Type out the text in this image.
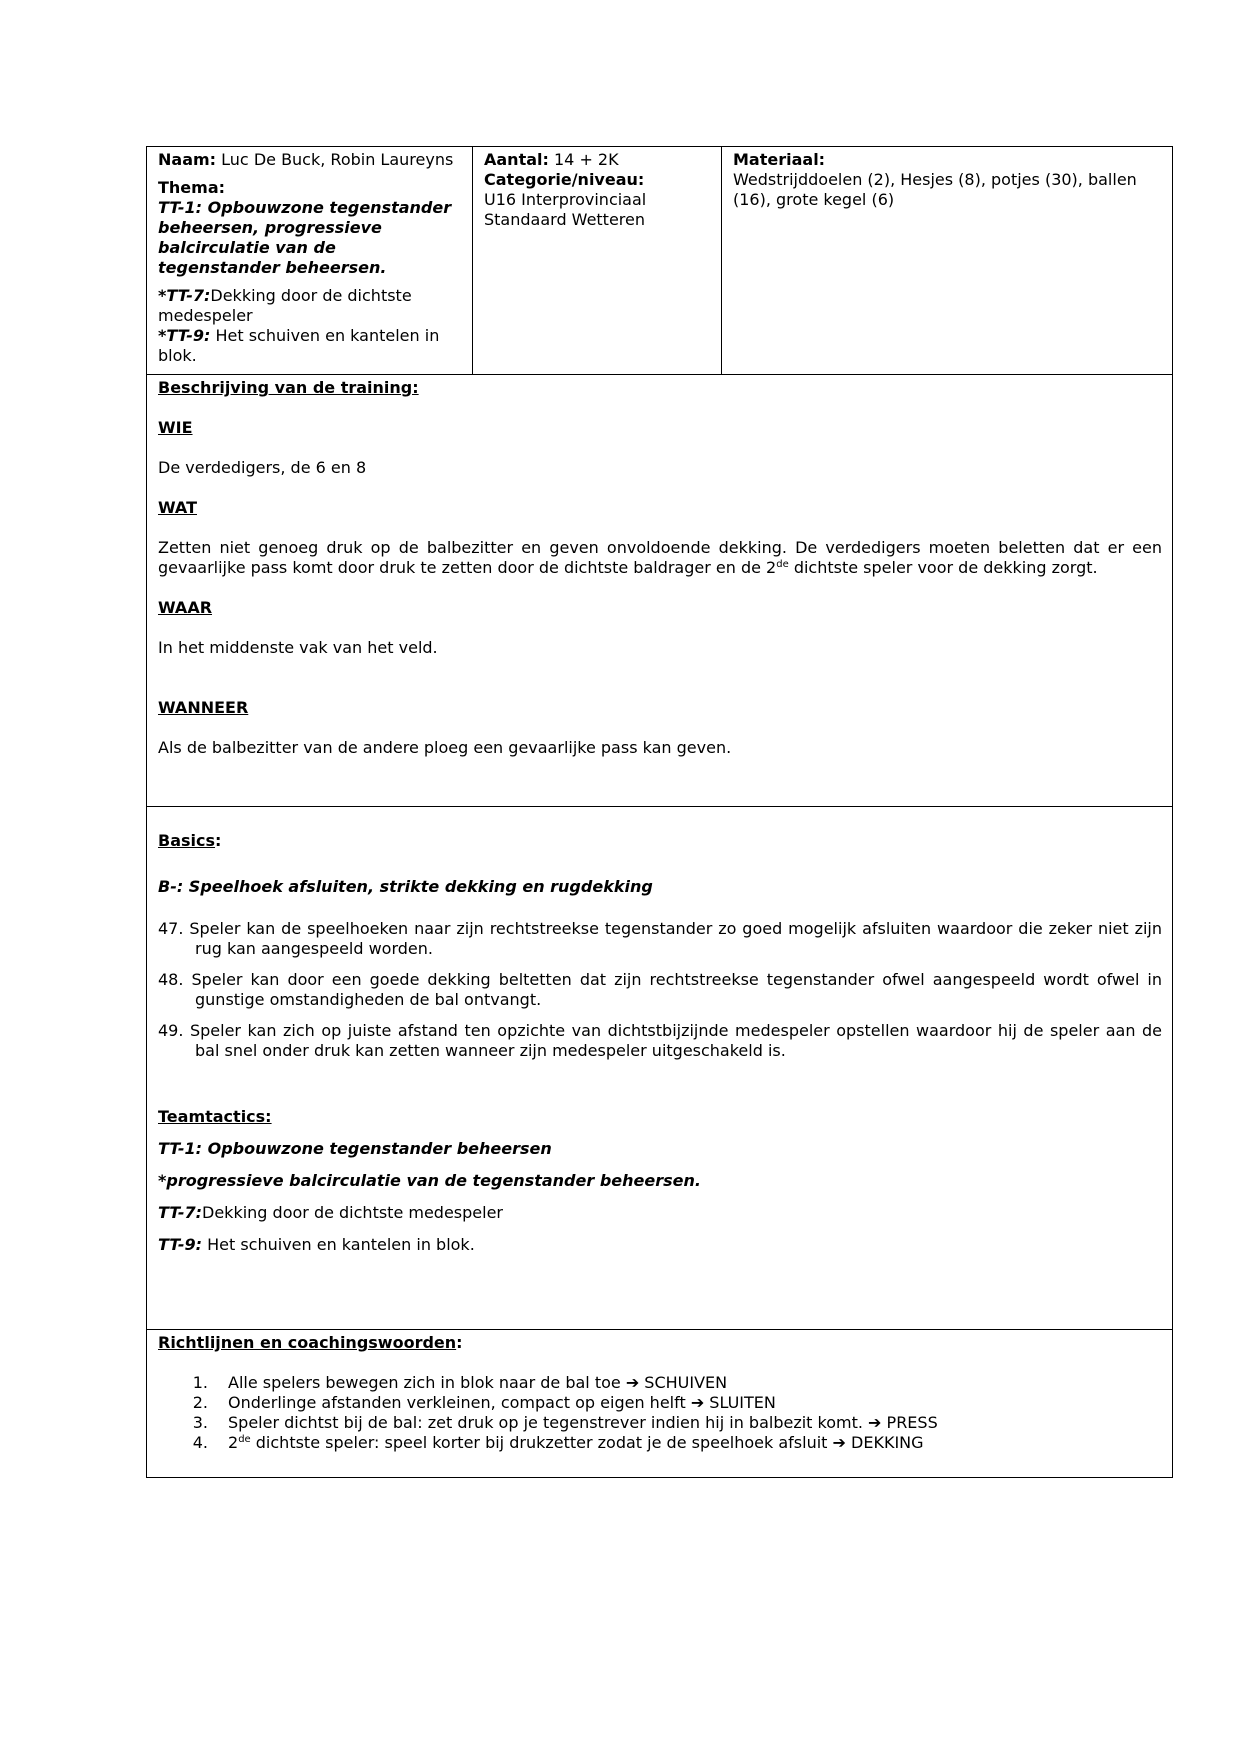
Naam: Luc De Buck, Robin Laureyns

Thema:

TT-1: Opbouwzone tegenstander beheersen, progressieve balcirculatie van de tegenstander beheersen.

*TT-7:Dekking door de dichtste medespeler

*TT-9: Het schuiven en kantelen in blok.

Aantal: 14 + 2K

Categorie/niveau:

U16 Interprovinciaal Standaard Wetteren

Materiaal:

Wedstrijddoelen (2), Hesjes (8), potjes (30), ballen (16), grote kegel (6)

Beschrijving van de training:

WIE

De verdedigers, de 6 en 8

WAT

Zetten niet genoeg druk op de balbezitter en geven onvoldoende dekking. De verdedigers moeten beletten dat er een gevaarlijke pass komt door druk te zetten door de dichtste baldrager en de 2de dichtste speler voor de dekking zorgt.

WAAR

In het middenste vak van het veld.

WANNEER

Als de balbezitter van de andere ploeg een gevaarlijke pass kan geven.

Basics:

B-: Speelhoek afsluiten, strikte dekking en rugdekking

47. Speler kan de speelhoeken naar zijn rechtstreekse tegenstander zo goed mogelijk afsluiten waardoor die zeker niet zijn rug kan aangespeeld worden.

48. Speler kan door een goede dekking beltetten dat zijn rechtstreekse tegenstander ofwel aangespeeld wordt ofwel in gunstige omstandigheden de bal ontvangt.

49. Speler kan zich op juiste afstand ten opzichte van dichtstbijzijnde medespeler opstellen waardoor hij de speler aan de bal snel onder druk kan zetten wanneer zijn medespeler uitgeschakeld is.

Teamtactics:

TT-1: Opbouwzone tegenstander beheersen

*progressieve balcirculatie van de tegenstander beheersen.

TT-7:Dekking door de dichtste medespeler

TT-9: Het schuiven en kantelen in blok.

Richtlijnen en coachingswoorden:

1.	Alle spelers bewegen zich in blok naar de bal toe ➔ SCHUIVEN
2.	Onderlinge afstanden verkleinen, compact op eigen helft ➔ SLUITEN
3.	Speler dichtst bij de bal: zet druk op je tegenstrever indien hij in balbezit komt. ➔ PRESS
4.	2de dichtste speler: speel korter bij drukzetter zodat je de speelhoek afsluit ➔ DEKKING
